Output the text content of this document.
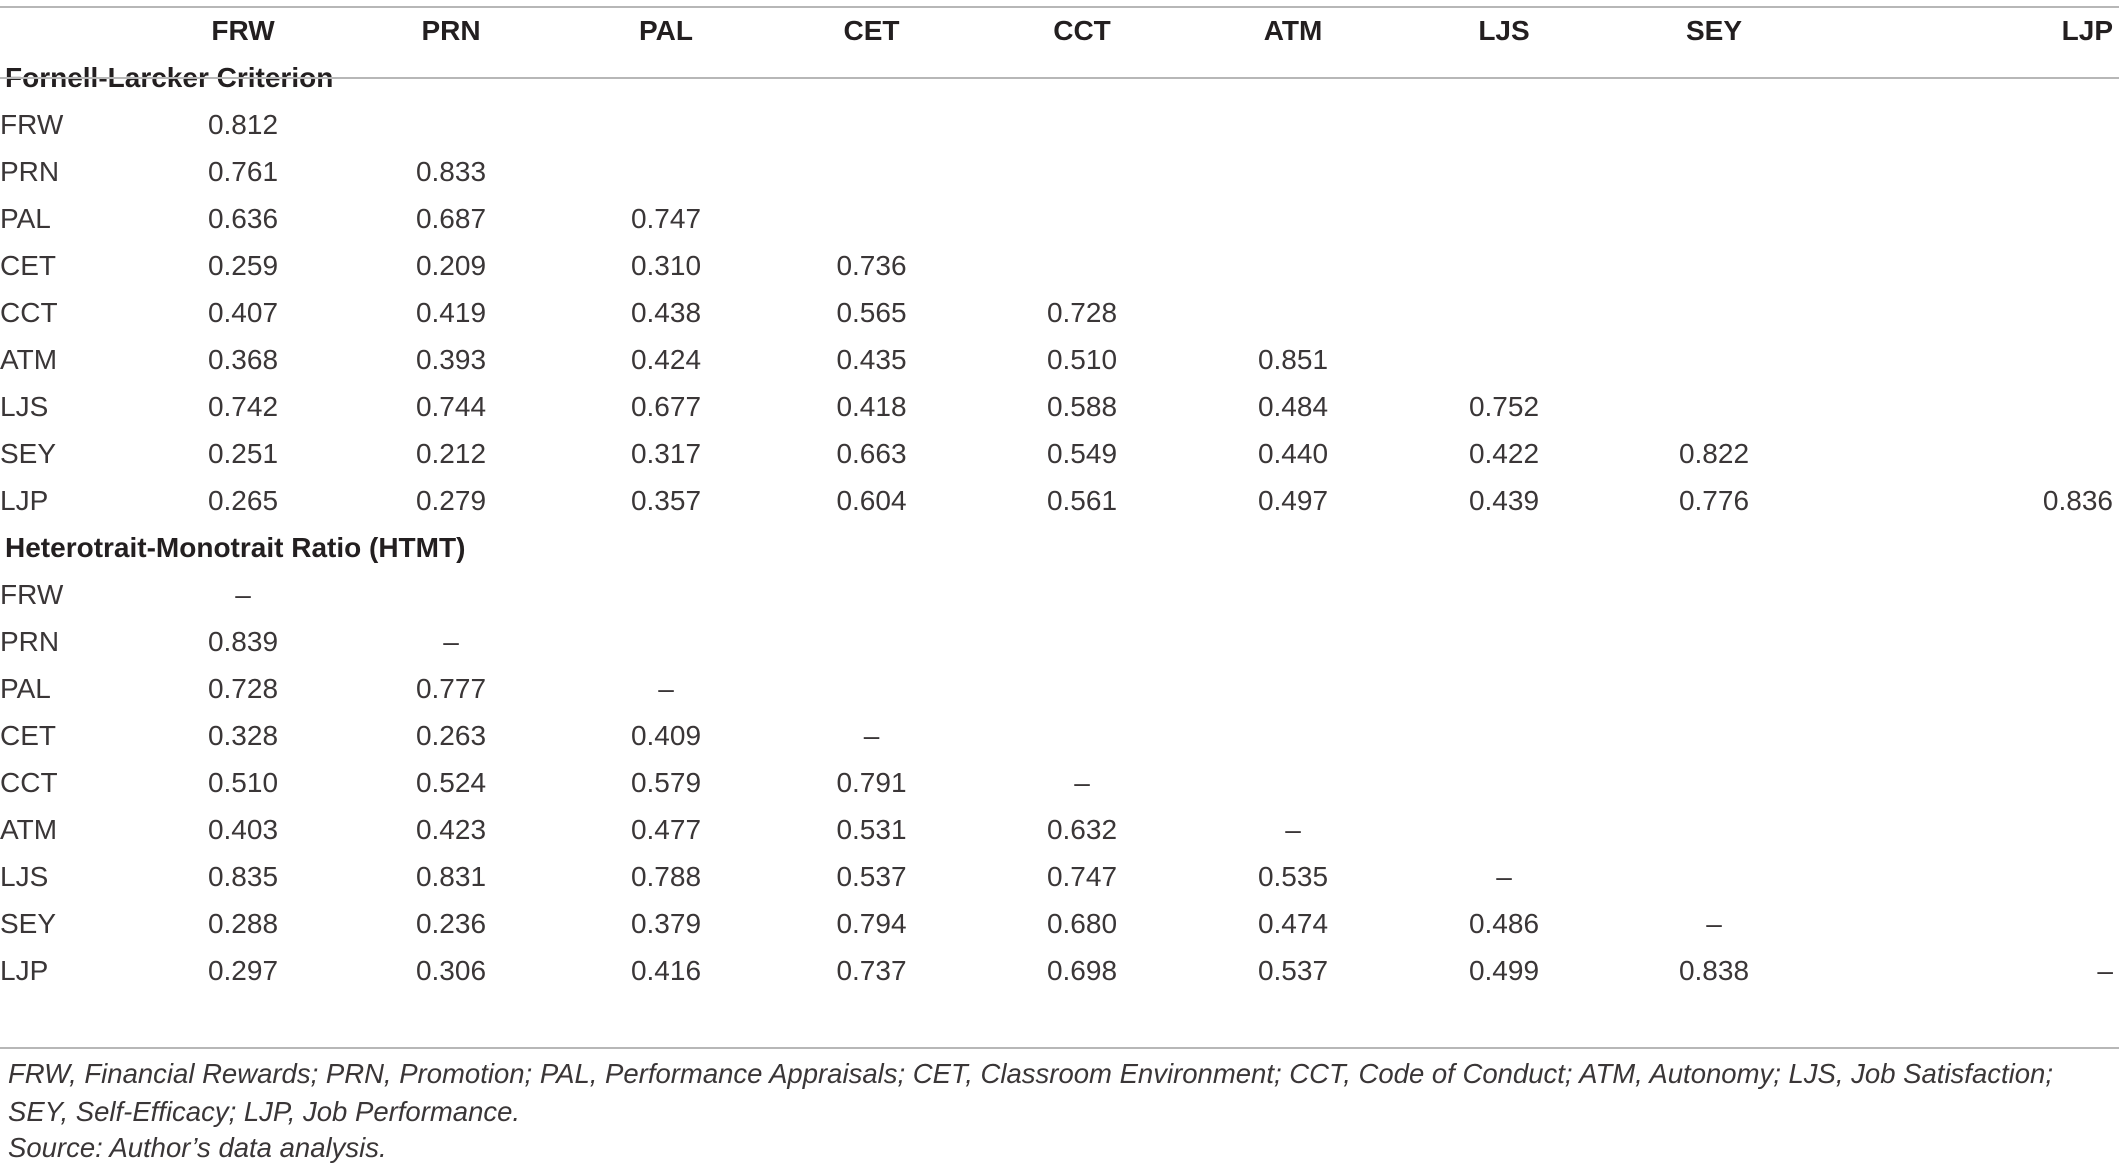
	FRW	PRN	PAL	CET	CCT	ATM	LJS	SEY	LJP
Fornell-Larcker Criterion									
FRW	0.812								
PRN	0.761	0.833							
PAL	0.636	0.687	0.747						
CET	0.259	0.209	0.310	0.736					
CCT	0.407	0.419	0.438	0.565	0.728				
ATM	0.368	0.393	0.424	0.435	0.510	0.851			
LJS	0.742	0.744	0.677	0.418	0.588	0.484	0.752		
SEY	0.251	0.212	0.317	0.663	0.549	0.440	0.422	0.822	
LJP	0.265	0.279	0.357	0.604	0.561	0.497	0.439	0.776	0.836
Heterotrait-Monotrait Ratio (HTMT)									
FRW	–								
PRN	0.839	–							
PAL	0.728	0.777	–						
CET	0.328	0.263	0.409	–					
CCT	0.510	0.524	0.579	0.791	–				
ATM	0.403	0.423	0.477	0.531	0.632	–			
LJS	0.835	0.831	0.788	0.537	0.747	0.535	–		
SEY	0.288	0.236	0.379	0.794	0.680	0.474	0.486	–	
LJP	0.297	0.306	0.416	0.737	0.698	0.537	0.499	0.838	–
FRW, Financial Rewards; PRN, Promotion; PAL, Performance Appraisals; CET, Classroom Environment; CCT, Code of Conduct; ATM, Autonomy; LJS, Job Satisfaction; SEY, Self-Efficacy; LJP, Job Performance.
Source: Author’s data analysis.
